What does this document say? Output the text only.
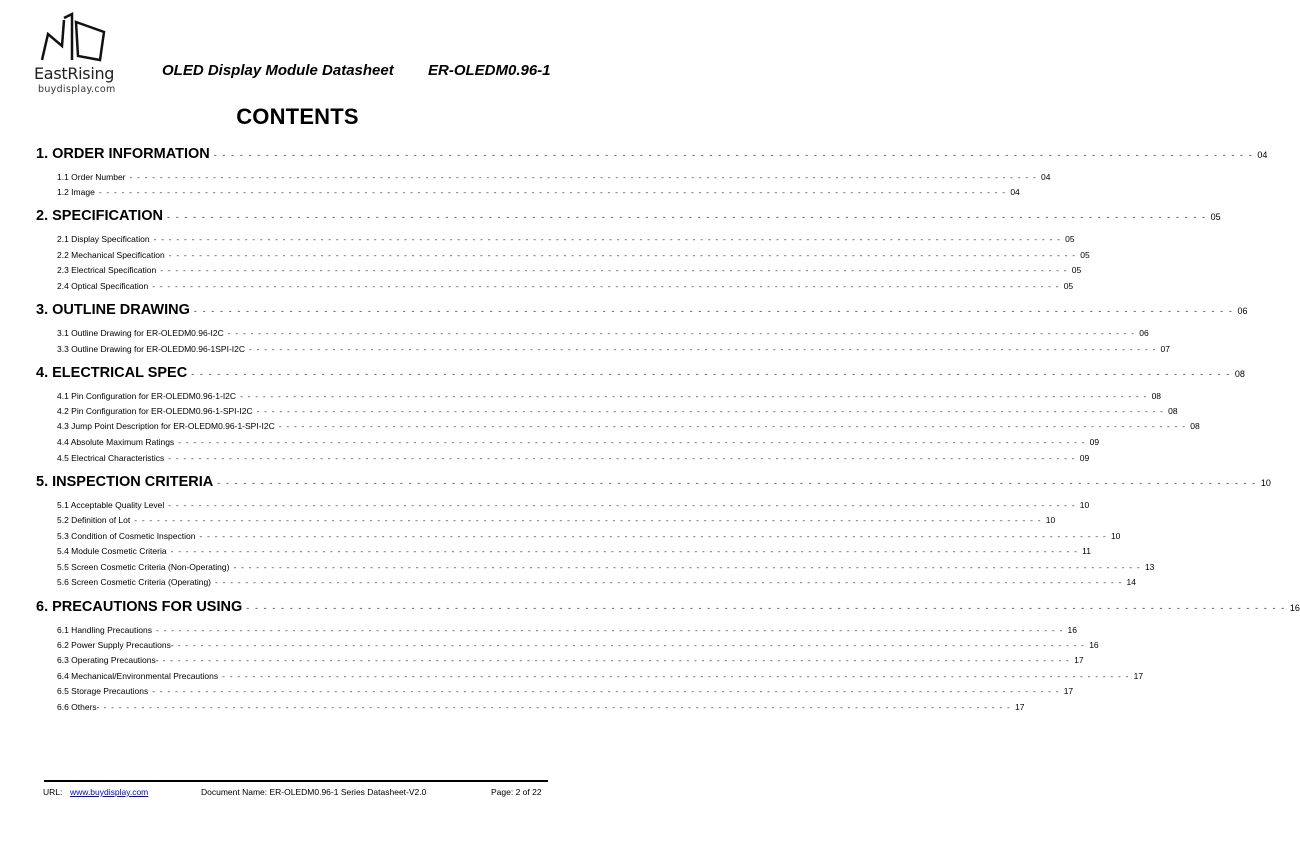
EastRising
buydisplay.com
OLED Display Module Datasheet ER-OLEDM0.96-1
CONTENTS
1. ORDER INFORMATION - - - - - - - - - - - - - - - - - - - - - - - - - - - - - - - - - - - - - - - - - - - - - - - - - - - - - - - - - - - - - - - - - - - - - - - - - - - - - - - - - - - - - - - - - - - - - - - - - - - - - - - - - - - - - - - - - - - - - - - - 04
1.1 Order Number - - - - - - - - - - - - - - - - - - - - - - - - - - - - - - - - - - - - - - - - - - - - - - - - - - - - - - - - - - - - - - - - - - - - - - - - - - - - - - - - - - - - - - - - - - - - - - - - - - - - - - - - - - - - - - - - - - - - - - - - 04
1.2 Image - - - - - - - - - - - - - - - - - - - - - - - - - - - - - - - - - - - - - - - - - - - - - - - - - - - - - - - - - - - - - - - - - - - - - - - - - - - - - - - - - - - - - - - - - - - - - - - - - - - - - - - - - - - - - - - - - - - - - - - - 04
2. SPECIFICATION - - - - - - - - - - - - - - - - - - - - - - - - - - - - - - - - - - - - - - - - - - - - - - - - - - - - - - - - - - - - - - - - - - - - - - - - - - - - - - - - - - - - - - - - - - - - - - - - - - - - - - - - - - - - - - - - - - - - - - - - 05
2.1 Display Specification - - - - - - - - - - - - - - - - - - - - - - - - - - - - - - - - - - - - - - - - - - - - - - - - - - - - - - - - - - - - - - - - - - - - - - - - - - - - - - - - - - - - - - - - - - - - - - - - - - - - - - - - - - - - - - - - - - - - - - - - 05
2.2 Mechanical Specification - - - - - - - - - - - - - - - - - - - - - - - - - - - - - - - - - - - - - - - - - - - - - - - - - - - - - - - - - - - - - - - - - - - - - - - - - - - - - - - - - - - - - - - - - - - - - - - - - - - - - - - - - - - - - - - - - - - - - - - - 05
2.3 Electrical Specification - - - - - - - - - - - - - - - - - - - - - - - - - - - - - - - - - - - - - - - - - - - - - - - - - - - - - - - - - - - - - - - - - - - - - - - - - - - - - - - - - - - - - - - - - - - - - - - - - - - - - - - - - - - - - - - - - - - - - - - - 05
2.4 Optical Specification - - - - - - - - - - - - - - - - - - - - - - - - - - - - - - - - - - - - - - - - - - - - - - - - - - - - - - - - - - - - - - - - - - - - - - - - - - - - - - - - - - - - - - - - - - - - - - - - - - - - - - - - - - - - - - - - - - - - - - - - 05
3. OUTLINE DRAWING - - - - - - - - - - - - - - - - - - - - - - - - - - - - - - - - - - - - - - - - - - - - - - - - - - - - - - - - - - - - - - - - - - - - - - - - - - - - - - - - - - - - - - - - - - - - - - - - - - - - - - - - - - - - - - - - - - - - - - - - 06
3.1 Outline Drawing for ER-OLEDM0.96-I2C - - - - - - - - - - - - - - - - - - - - - - - - - - - - - - - - - - - - - - - - - - - - - - - - - - - - - - - - - - - - - - - - - - - - - - - - - - - - - - - - - - - - - - - - - - - - - - - - - - - - - - - - - - - - - - - - - - - - - - - - 06
3.3 Outline Drawing for ER-OLEDM0.96-1SPI-I2C - - - - - - - - - - - - - - - - - - - - - - - - - - - - - - - - - - - - - - - - - - - - - - - - - - - - - - - - - - - - - - - - - - - - - - - - - - - - - - - - - - - - - - - - - - - - - - - - - - - - - - - - - - - - - - - - - - - - - - - - 07
4. ELECTRICAL SPEC - - - - - - - - - - - - - - - - - - - - - - - - - - - - - - - - - - - - - - - - - - - - - - - - - - - - - - - - - - - - - - - - - - - - - - - - - - - - - - - - - - - - - - - - - - - - - - - - - - - - - - - - - - - - - - - - - - - - - - - - 08
4.1 Pin Configuration for ER-OLEDM0.96-1-I2C - - - - - - - - - - - - - - - - - - - - - - - - - - - - - - - - - - - - - - - - - - - - - - - - - - - - - - - - - - - - - - - - - - - - - - - - - - - - - - - - - - - - - - - - - - - - - - - - - - - - - - - - - - - - - - - - - - - - - - - - 08
4.2 Pin Configuration for ER-OLEDM0.96-1-SPI-I2C - - - - - - - - - - - - - - - - - - - - - - - - - - - - - - - - - - - - - - - - - - - - - - - - - - - - - - - - - - - - - - - - - - - - - - - - - - - - - - - - - - - - - - - - - - - - - - - - - - - - - - - - - - - - - - - - - - - - - - - - 08
4.3 Jump Point Description for ER-OLEDM0.96-1-SPI-I2C - - - - - - - - - - - - - - - - - - - - - - - - - - - - - - - - - - - - - - - - - - - - - - - - - - - - - - - - - - - - - - - - - - - - - - - - - - - - - - - - - - - - - - - - - - - - - - - - - - - - - - - - - - - - - - - - - - - - - - - - 08
4.4 Absolute Maximum Ratings - - - - - - - - - - - - - - - - - - - - - - - - - - - - - - - - - - - - - - - - - - - - - - - - - - - - - - - - - - - - - - - - - - - - - - - - - - - - - - - - - - - - - - - - - - - - - - - - - - - - - - - - - - - - - - - - - - - - - - - - 09
4.5 Electrical Characteristics - - - - - - - - - - - - - - - - - - - - - - - - - - - - - - - - - - - - - - - - - - - - - - - - - - - - - - - - - - - - - - - - - - - - - - - - - - - - - - - - - - - - - - - - - - - - - - - - - - - - - - - - - - - - - - - - - - - - - - - - 09
5. INSPECTION CRITERIA - - - - - - - - - - - - - - - - - - - - - - - - - - - - - - - - - - - - - - - - - - - - - - - - - - - - - - - - - - - - - - - - - - - - - - - - - - - - - - - - - - - - - - - - - - - - - - - - - - - - - - - - - - - - - - - - - - - - - - - - 10
5.1 Acceptable Quality Level - - - - - - - - - - - - - - - - - - - - - - - - - - - - - - - - - - - - - - - - - - - - - - - - - - - - - - - - - - - - - - - - - - - - - - - - - - - - - - - - - - - - - - - - - - - - - - - - - - - - - - - - - - - - - - - - - - - - - - - - 10
5.2 Definition of Lot - - - - - - - - - - - - - - - - - - - - - - - - - - - - - - - - - - - - - - - - - - - - - - - - - - - - - - - - - - - - - - - - - - - - - - - - - - - - - - - - - - - - - - - - - - - - - - - - - - - - - - - - - - - - - - - - - - - - - - - - 10
5.3 Condition of Cosmetic Inspection - - - - - - - - - - - - - - - - - - - - - - - - - - - - - - - - - - - - - - - - - - - - - - - - - - - - - - - - - - - - - - - - - - - - - - - - - - - - - - - - - - - - - - - - - - - - - - - - - - - - - - - - - - - - - - - - - - - - - - - - 10
5.4 Module Cosmetic Criteria - - - - - - - - - - - - - - - - - - - - - - - - - - - - - - - - - - - - - - - - - - - - - - - - - - - - - - - - - - - - - - - - - - - - - - - - - - - - - - - - - - - - - - - - - - - - - - - - - - - - - - - - - - - - - - - - - - - - - - - - 11
5.5 Screen Cosmetic Criteria (Non-Operating) - - - - - - - - - - - - - - - - - - - - - - - - - - - - - - - - - - - - - - - - - - - - - - - - - - - - - - - - - - - - - - - - - - - - - - - - - - - - - - - - - - - - - - - - - - - - - - - - - - - - - - - - - - - - - - - - - - - - - - - - 13
5.6 Screen Cosmetic Criteria (Operating) - - - - - - - - - - - - - - - - - - - - - - - - - - - - - - - - - - - - - - - - - - - - - - - - - - - - - - - - - - - - - - - - - - - - - - - - - - - - - - - - - - - - - - - - - - - - - - - - - - - - - - - - - - - - - - - - - - - - - - - - 14
6. PRECAUTIONS FOR USING - - - - - - - - - - - - - - - - - - - - - - - - - - - - - - - - - - - - - - - - - - - - - - - - - - - - - - - - - - - - - - - - - - - - - - - - - - - - - - - - - - - - - - - - - - - - - - - - - - - - - - - - - - - - - - - - - - - - - - - - 16
6.1 Handling Precautions - - - - - - - - - - - - - - - - - - - - - - - - - - - - - - - - - - - - - - - - - - - - - - - - - - - - - - - - - - - - - - - - - - - - - - - - - - - - - - - - - - - - - - - - - - - - - - - - - - - - - - - - - - - - - - - - - - - - - - - - 16
6.2 Power Supply Precautions- - - - - - - - - - - - - - - - - - - - - - - - - - - - - - - - - - - - - - - - - - - - - - - - - - - - - - - - - - - - - - - - - - - - - - - - - - - - - - - - - - - - - - - - - - - - - - - - - - - - - - - - - - - - - - - - - - - - - - - - - 16
6.3 Operating Precautions- - - - - - - - - - - - - - - - - - - - - - - - - - - - - - - - - - - - - - - - - - - - - - - - - - - - - - - - - - - - - - - - - - - - - - - - - - - - - - - - - - - - - - - - - - - - - - - - - - - - - - - - - - - - - - - - - - - - - - - - - 17
6.4 Mechanical/Environmental Precautions - - - - - - - - - - - - - - - - - - - - - - - - - - - - - - - - - - - - - - - - - - - - - - - - - - - - - - - - - - - - - - - - - - - - - - - - - - - - - - - - - - - - - - - - - - - - - - - - - - - - - - - - - - - - - - - - - - - - - - - - 17
6.5 Storage Precautions - - - - - - - - - - - - - - - - - - - - - - - - - - - - - - - - - - - - - - - - - - - - - - - - - - - - - - - - - - - - - - - - - - - - - - - - - - - - - - - - - - - - - - - - - - - - - - - - - - - - - - - - - - - - - - - - - - - - - - - - 17
6.6 Others- - - - - - - - - - - - - - - - - - - - - - - - - - - - - - - - - - - - - - - - - - - - - - - - - - - - - - - - - - - - - - - - - - - - - - - - - - - - - - - - - - - - - - - - - - - - - - - - - - - - - - - - - - - - - - - - - - - - - - - - - 17
URL: www.buydisplay.com	Document Name: ER-OLEDM0.96-1 Series Datasheet-V2.0	Page: 2 of 22
